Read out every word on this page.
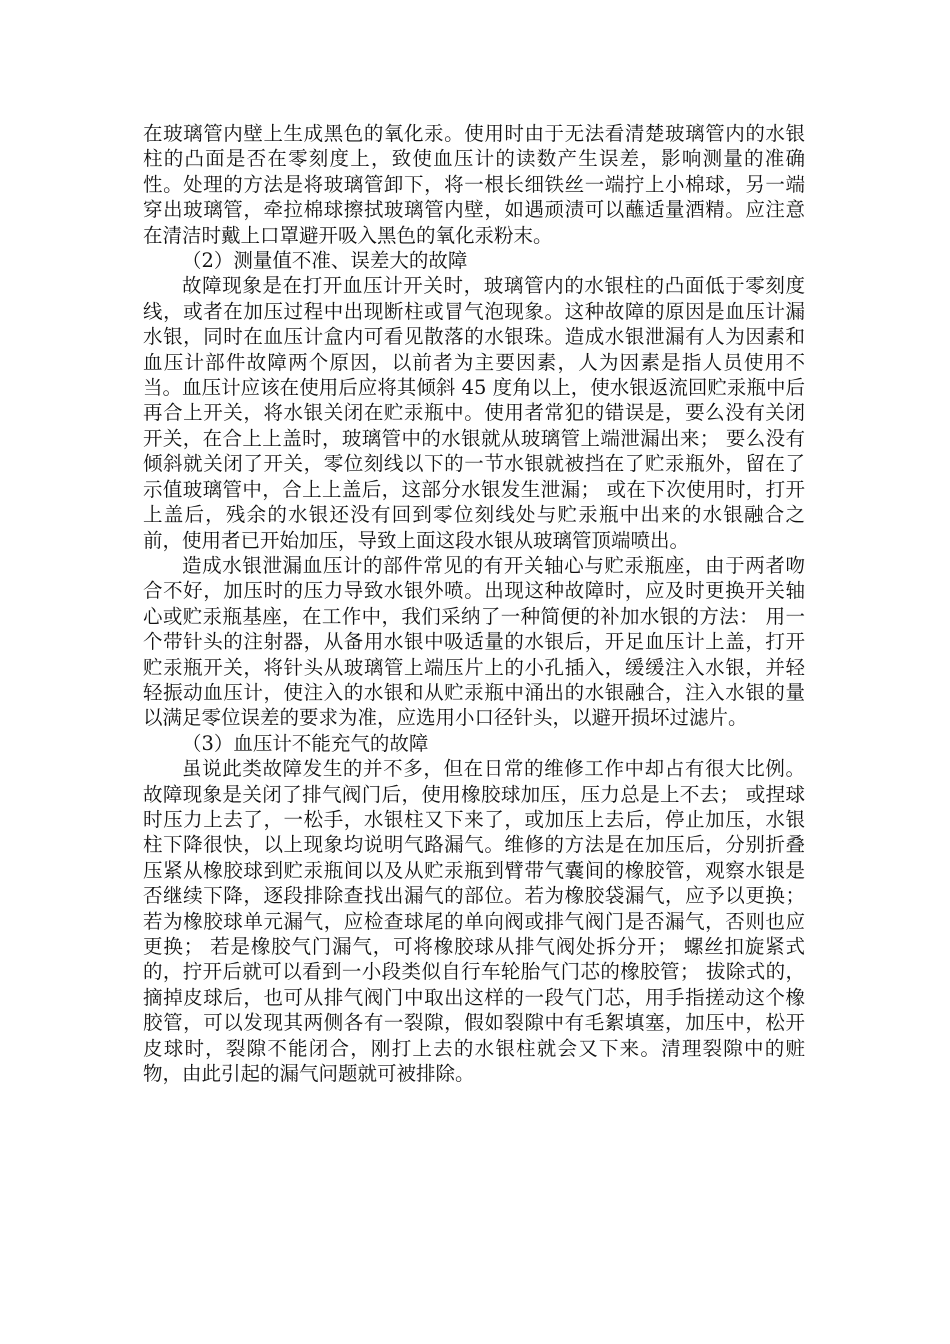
在玻璃管内壁上生成黑色的氧化汞。使用时由于无法看清楚玻璃管内的水银柱的凸面是否在零刻度上，致使血压计的读数产生误差，影响测量的准确性。处理的方法是将玻璃管卸下，将一根长细铁丝一端拧上小棉球，另一端穿出玻璃管，牵拉棉球擦拭玻璃管内壁，如遇顽渍可以蘸适量酒精。应注意在清洁时戴上口罩避开吸入黑色的氧化汞粉末。

（2）测量值不准、误差大的故障

故障现象是在打开血压计开关时，玻璃管内的水银柱的凸面低于零刻度线，或者在加压过程中出现断柱或冒气泡现象。这种故障的原因是血压计漏水银，同时在血压计盒内可看见散落的水银珠。造成水银泄漏有人为因素和血压计部件故障两个原因，以前者为主要因素，人为因素是指人员使用不当。血压计应该在使用后应将其倾斜 45 度角以上，使水银返流回贮汞瓶中后再合上开关，将水银关闭在贮汞瓶中。使用者常犯的错误是，要么没有关闭开关，在合上上盖时，玻璃管中的水银就从玻璃管上端泄漏出来； 要么没有倾斜就关闭了开关，零位刻线以下的一节水银就被挡在了贮汞瓶外，留在了示值玻璃管中，合上上盖后，这部分水银发生泄漏； 或在下次使用时，打开上盖后，残余的水银还没有回到零位刻线处与贮汞瓶中出来的水银融合之前，使用者已开始加压，导致上面这段水银从玻璃管顶端喷出。

造成水银泄漏血压计的部件常见的有开关轴心与贮汞瓶座，由于两者吻合不好，加压时的压力导致水银外喷。出现这种故障时，应及时更换开关轴心或贮汞瓶基座，在工作中，我们采纳了一种简便的补加水银的方法： 用一个带针头的注射器，从备用水银中吸适量的水银后，开足血压计上盖，打开贮汞瓶开关，将针头从玻璃管上端压片上的小孔插入，缓缓注入水银，并轻轻振动血压计，使注入的水银和从贮汞瓶中涌出的水银融合，注入水银的量以满足零位误差的要求为准，应选用小口径针头，以避开损坏过滤片。

（3）血压计不能充气的故障

虽说此类故障发生的并不多，但在日常的维修工作中却占有很大比例。故障现象是关闭了排气阀门后，使用橡胶球加压，压力总是上不去； 或捏球时压力上去了，一松手，水银柱又下来了，或加压上去后，停止加压，水银柱下降很快，以上现象均说明气路漏气。维修的方法是在加压后，分别折叠压紧从橡胶球到贮汞瓶间以及从贮汞瓶到臂带气囊间的橡胶管，观察水银是否继续下降，逐段排除查找出漏气的部位。若为橡胶袋漏气，应予以更换； 若为橡胶球单元漏气，应检查球尾的单向阀或排气阀门是否漏气，否则也应更换； 若是橡胶气门漏气，可将橡胶球从排气阀处拆分开； 螺丝扣旋紧式的，拧开后就可以看到一小段类似自行车轮胎气门芯的橡胶管； 拔除式的，摘掉皮球后，也可从排气阀门中取出这样的一段气门芯，用手指搓动这个橡胶管，可以发现其两侧各有一裂隙，假如裂隙中有毛絮填塞，加压中，松开皮球时，裂隙不能闭合，刚打上去的水银柱就会又下来。清理裂隙中的赃物，由此引起的漏气问题就可被排除。
